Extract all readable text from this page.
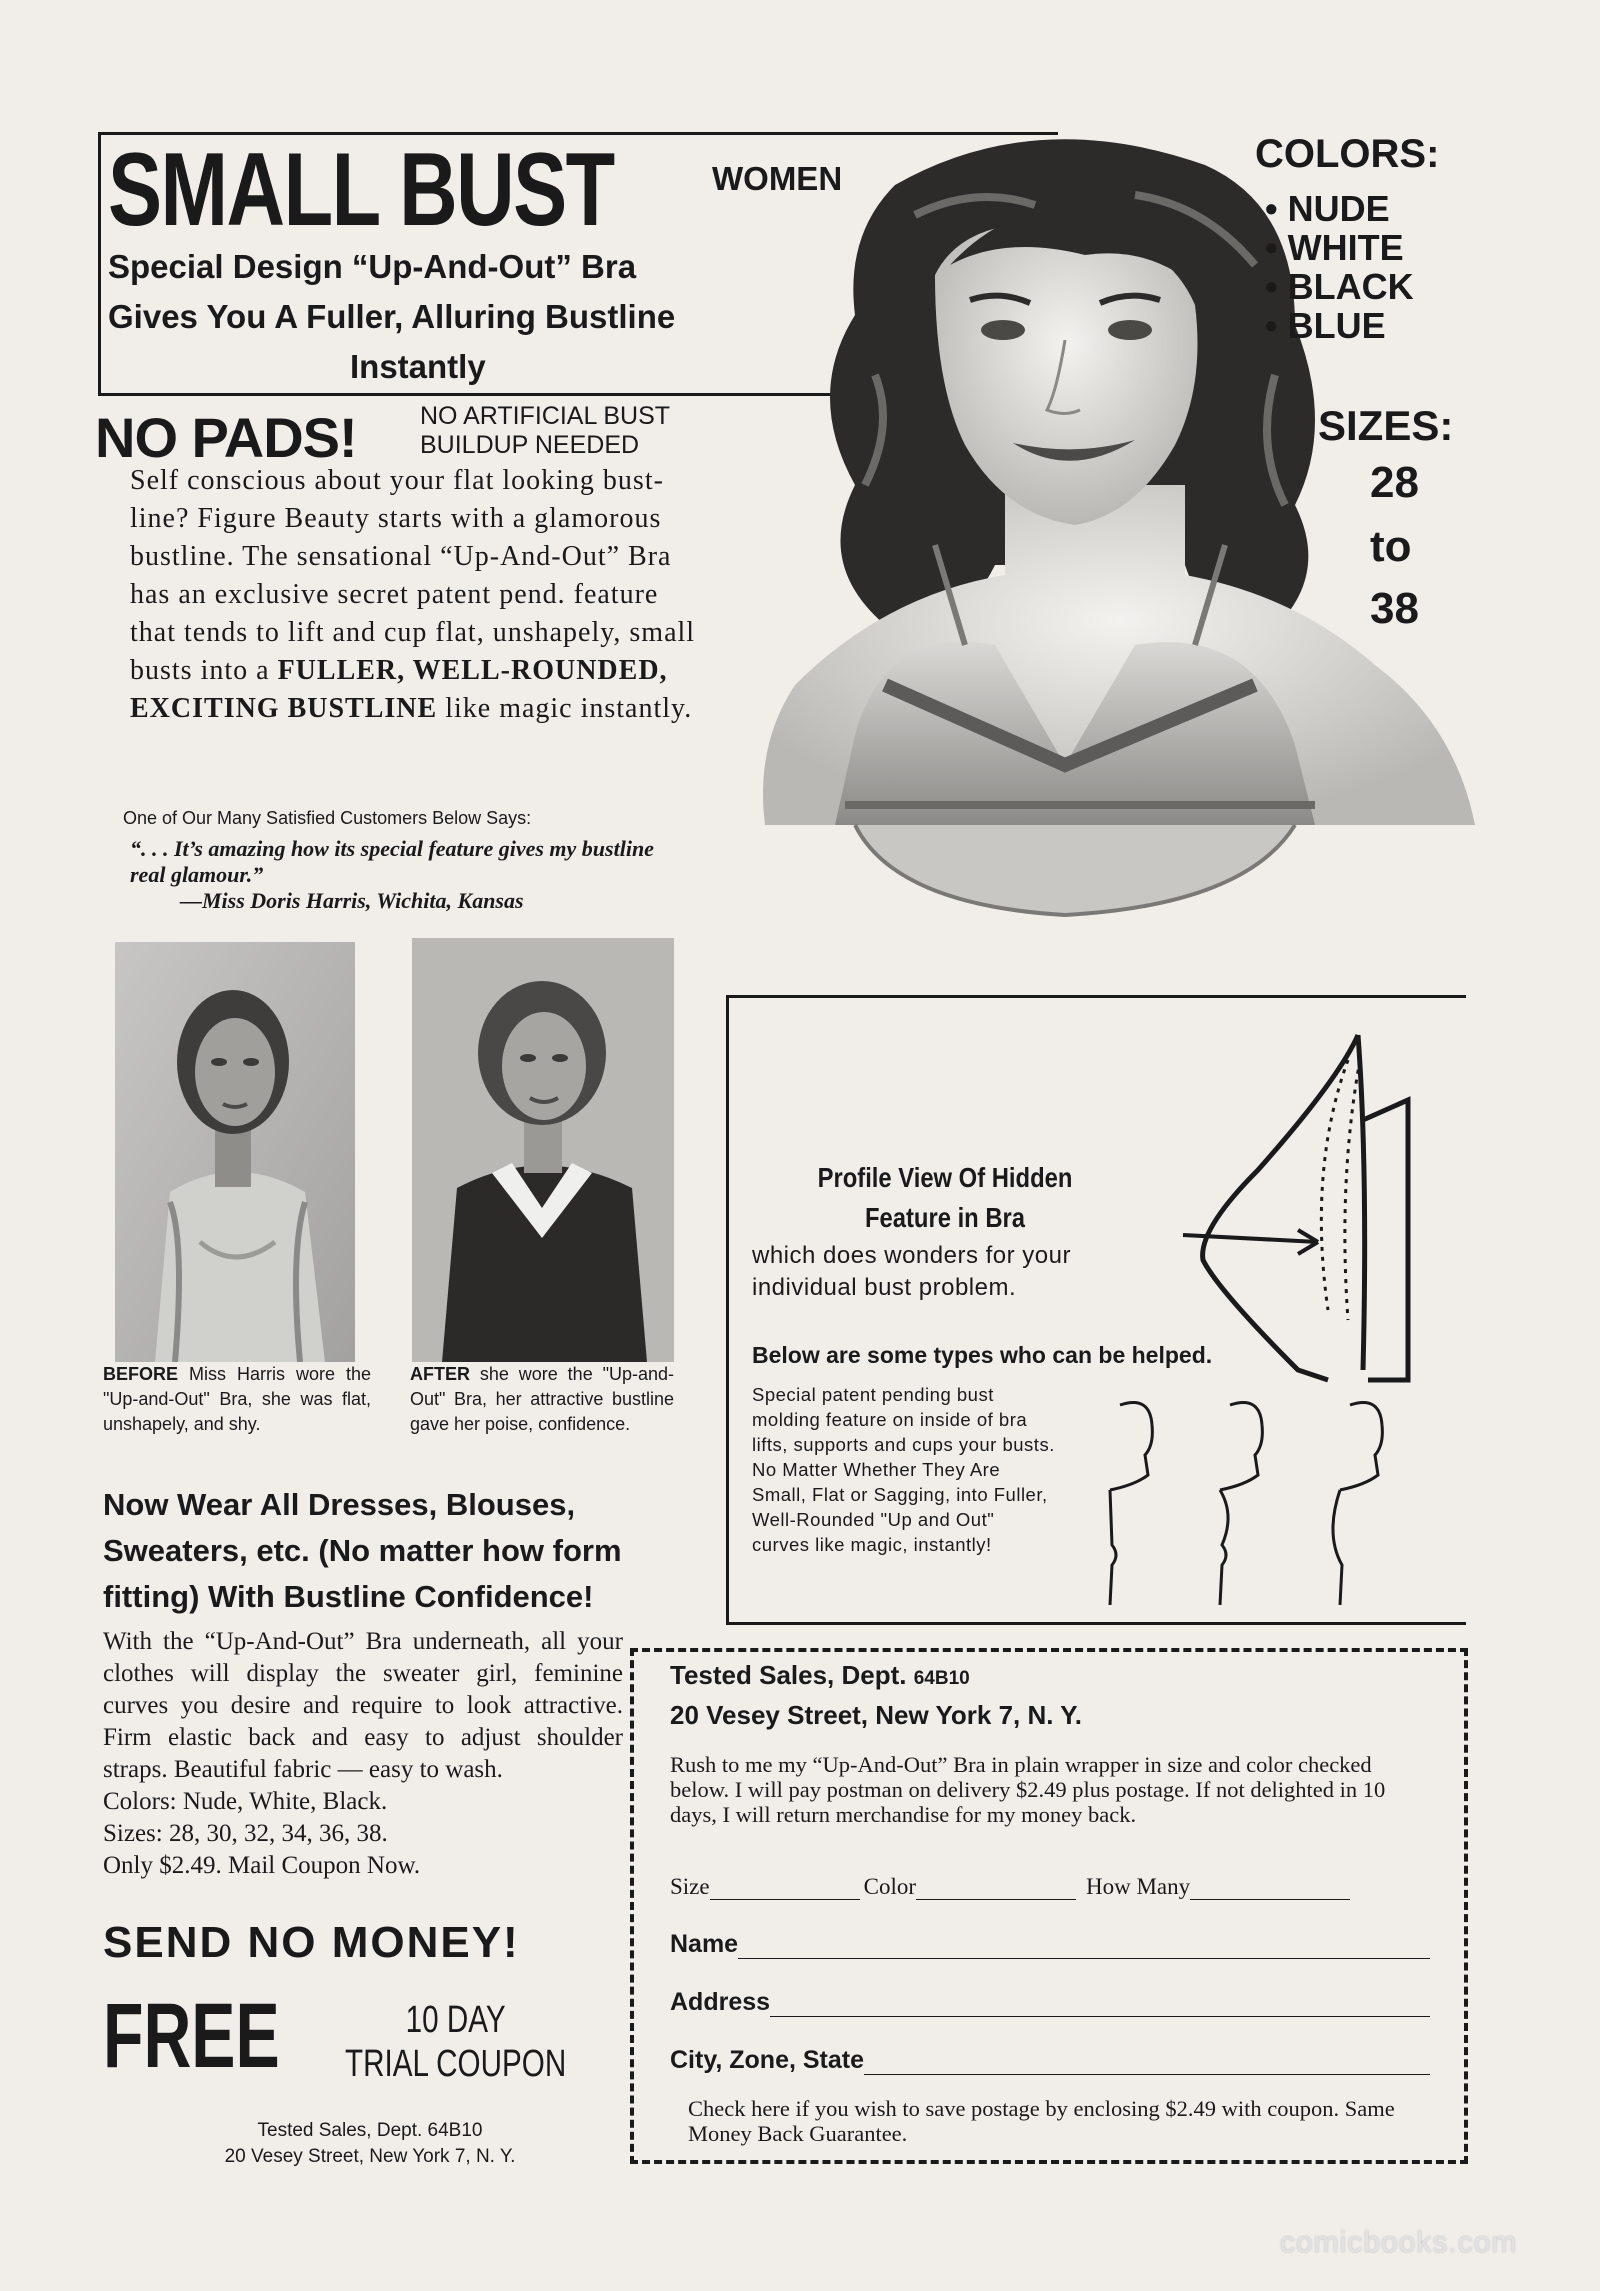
SMALL BUST	WOMEN
Special Design “Up-And-Out” Bra
Gives You A Fuller, Alluring Bustline
Instantly
NO PADS!	NO ARTIFICIAL BUST
BUILDUP NEEDED
Self conscious about your flat looking bust-line? Figure Beauty starts with a glamorous bustline. The sensational “Up-And-Out” Bra has an exclusive secret patent pend. feature that tends to lift and cup flat, unshapely, small busts into a FULLER, WELL-ROUNDED, EXCITING BUSTLINE like magic instantly.
One of Our Many Satisfied Customers Below Says:
“. . . It’s amazing how its special feature gives my bustline real glamour.”
—Miss Doris Harris, Wichita, Kansas
BEFORE Miss Harris wore the "Up-and-Out" Bra, she was flat, unshapely, and shy.
AFTER she wore the "Up-and-Out" Bra, her attractive bustline gave her poise, confidence.
Now Wear All Dresses, Blouses, Sweaters, etc. (No matter how form fitting) With Bustline Confidence!
With the “Up-And-Out” Bra underneath, all your clothes will display the sweater girl, feminine curves you desire and require to look attractive. Firm elastic back and easy to adjust shoulder straps. Beautiful fabric — easy to wash.
Colors: Nude, White, Black.
Sizes: 28, 30, 32, 34, 36, 38.
Only $2.49. Mail Coupon Now.
SEND NO MONEY!
FREE	10 DAY
TRIAL COUPON
Tested Sales, Dept. 64B10
20 Vesey Street, New York 7, N. Y.
COLORS:
• NUDE
• WHITE
• BLACK
• BLUE
SIZES:
28
to
38
Profile View Of Hidden Feature in Bra
which does wonders for your individual bust problem.
Below are some types who can be helped.
Special patent pending bust molding feature on inside of bra lifts, supports and cups your busts. No Matter Whether They Are Small, Flat or Sagging, into Fuller, Well-Rounded "Up and Out" curves like magic, instantly!
Tested Sales, Dept. 64B10
20 Vesey Street, New York 7, N. Y.
Rush to me my “Up-And-Out” Bra in plain wrapper in size and color checked below. I will pay postman on delivery $2.49 plus postage. If not delighted in 10 days, I will return merchandise for my money back.
Size	Color	How Many
Name
Address
City, Zone, State
Check here if you wish to save postage by enclosing $2.49 with coupon. Same Money Back Guarantee.
comicbooks.com
